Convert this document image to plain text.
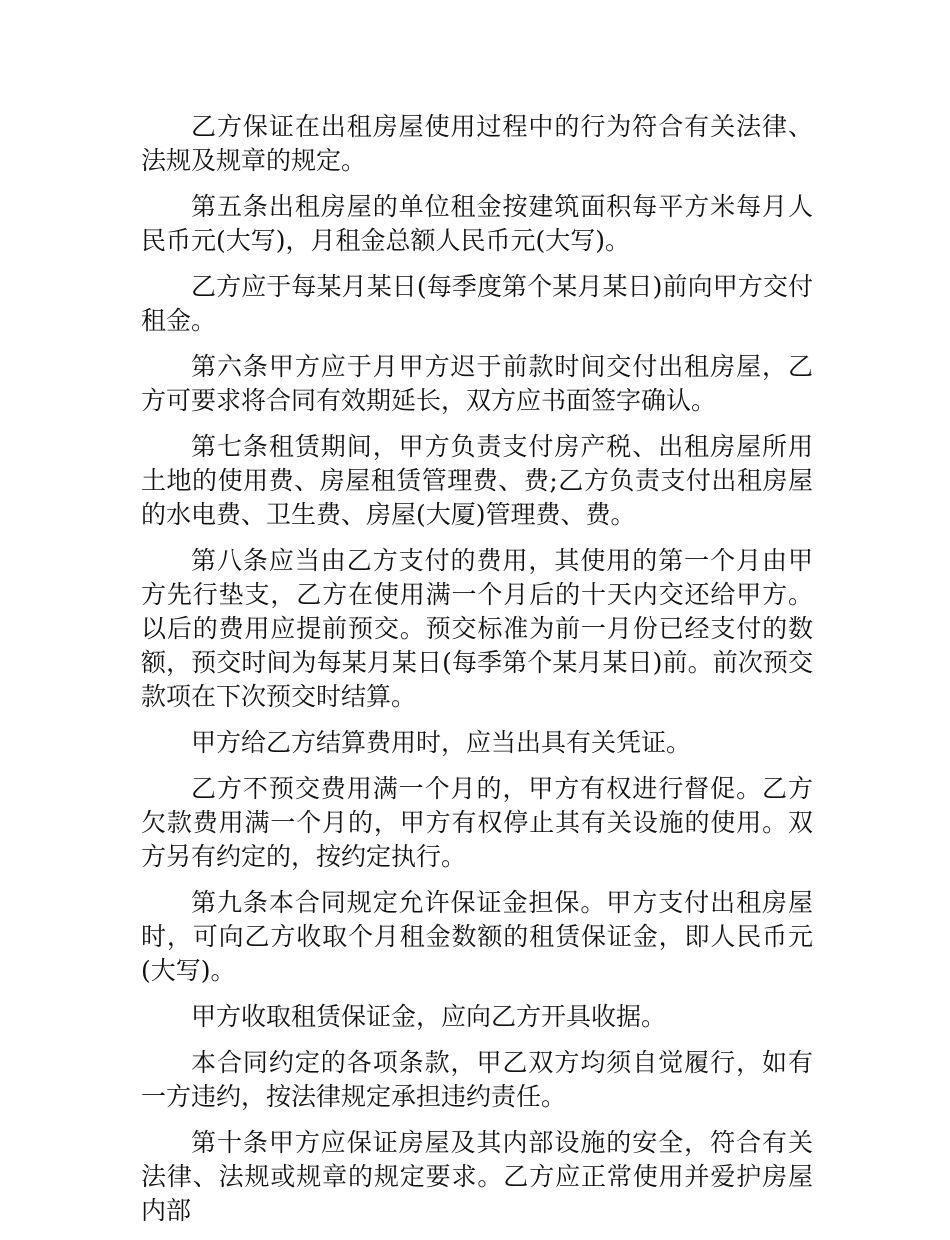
乙方保证在出租房屋使用过程中的行为符合有关法律、法规及规章的规定。

第五条出租房屋的单位租金按建筑面积每平方米每月人民币元(大写)，月租金总额人民币元(大写)。

乙方应于每某月某日(每季度第个某月某日)前向甲方交付租金。

第六条甲方应于月甲方迟于前款时间交付出租房屋，乙方可要求将合同有效期延长，双方应书面签字确认。

第七条租赁期间，甲方负责支付房产税、出租房屋所用土地的使用费、房屋租赁管理费、费;乙方负责支付出租房屋的水电费、卫生费、房屋(大厦)管理费、费。

第八条应当由乙方支付的费用，其使用的第一个月由甲方先行垫支，乙方在使用满一个月后的十天内交还给甲方。以后的费用应提前预交。预交标准为前一月份已经支付的数额，预交时间为每某月某日(每季第个某月某日)前。前次预交款项在下次预交时结算。

甲方给乙方结算费用时，应当出具有关凭证。

乙方不预交费用满一个月的，甲方有权进行督促。乙方欠款费用满一个月的，甲方有权停止其有关设施的使用。双方另有约定的，按约定执行。

第九条本合同规定允许保证金担保。甲方支付出租房屋时，可向乙方收取个月租金数额的租赁保证金，即人民币元(大写)。

甲方收取租赁保证金，应向乙方开具收据。

本合同约定的各项条款，甲乙双方均须自觉履行，如有一方违约，按法律规定承担违约责任。

第十条甲方应保证房屋及其内部设施的安全，符合有关法律、法规或规章的规定要求。乙方应正常使用并爱护房屋内部
